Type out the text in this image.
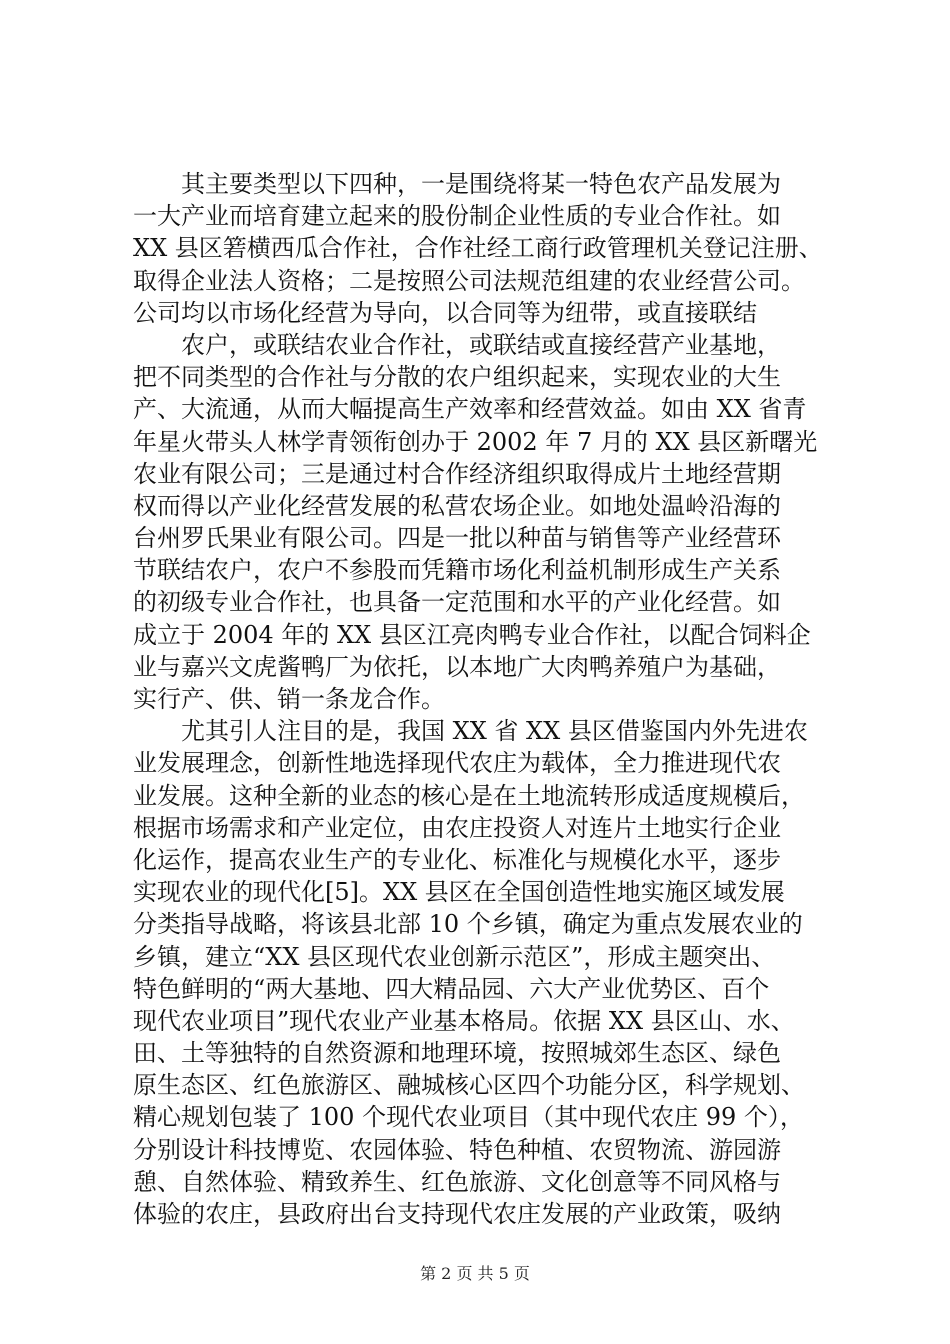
　　其主要类型以下四种，一是围绕将某一特色农产品发展为
一大产业而培育建立起来的股份制企业性质的专业合作社。如
XX 县区箬横西瓜合作社，合作社经工商行政管理机关登记注册、
取得企业法人资格；二是按照公司法规范组建的农业经营公司。
公司均以市场化经营为导向，以合同等为纽带，或直接联结
　　农户，或联结农业合作社，或联结或直接经营产业基地，
把不同类型的合作社与分散的农户组织起来，实现农业的大生
产、大流通，从而大幅提高生产效率和经营效益。如由 XX 省青
年星火带头人林学青领衔创办于 2002 年 7 月的 XX 县区新曙光
农业有限公司；三是通过村合作经济组织取得成片土地经营期
权而得以产业化经营发展的私营农场企业。如地处温岭沿海的
台州罗氏果业有限公司。四是一批以种苗与销售等产业经营环
节联结农户，农户不参股而凭籍市场化利益机制形成生产关系
的初级专业合作社，也具备一定范围和水平的产业化经营。如
成立于 2004 年的 XX 县区江亮肉鸭专业合作社，以配合饲料企
业与嘉兴文虎酱鸭厂为依托，以本地广大肉鸭养殖户为基础，
实行产、供、销一条龙合作。
　　尤其引人注目的是，我国 XX 省 XX 县区借鉴国内外先进农
业发展理念，创新性地选择现代农庄为载体，全力推进现代农
业发展。这种全新的业态的核心是在土地流转形成适度规模后，
根据市场需求和产业定位，由农庄投资人对连片土地实行企业
化运作，提高农业生产的专业化、标准化与规模化水平，逐步
实现农业的现代化[5]。XX 县区在全国创造性地实施区域发展
分类指导战略，将该县北部 10 个乡镇，确定为重点发展农业的
乡镇，建立“XX 县区现代农业创新示范区”，形成主题突出、
特色鲜明的“两大基地、四大精品园、六大产业优势区、百个
现代农业项目”现代农业产业基本格局。依据 XX 县区山、水、
田、土等独特的自然资源和地理环境，按照城郊生态区、绿色
原生态区、红色旅游区、融城核心区四个功能分区，科学规划、
精心规划包装了 100 个现代农业项目（其中现代农庄 99 个），
分别设计科技博览、农园体验、特色种植、农贸物流、游园游
憩、自然体验、精致养生、红色旅游、文化创意等不同风格与
体验的农庄，县政府出台支持现代农庄发展的产业政策，吸纳
第 2 页 共 5 页
